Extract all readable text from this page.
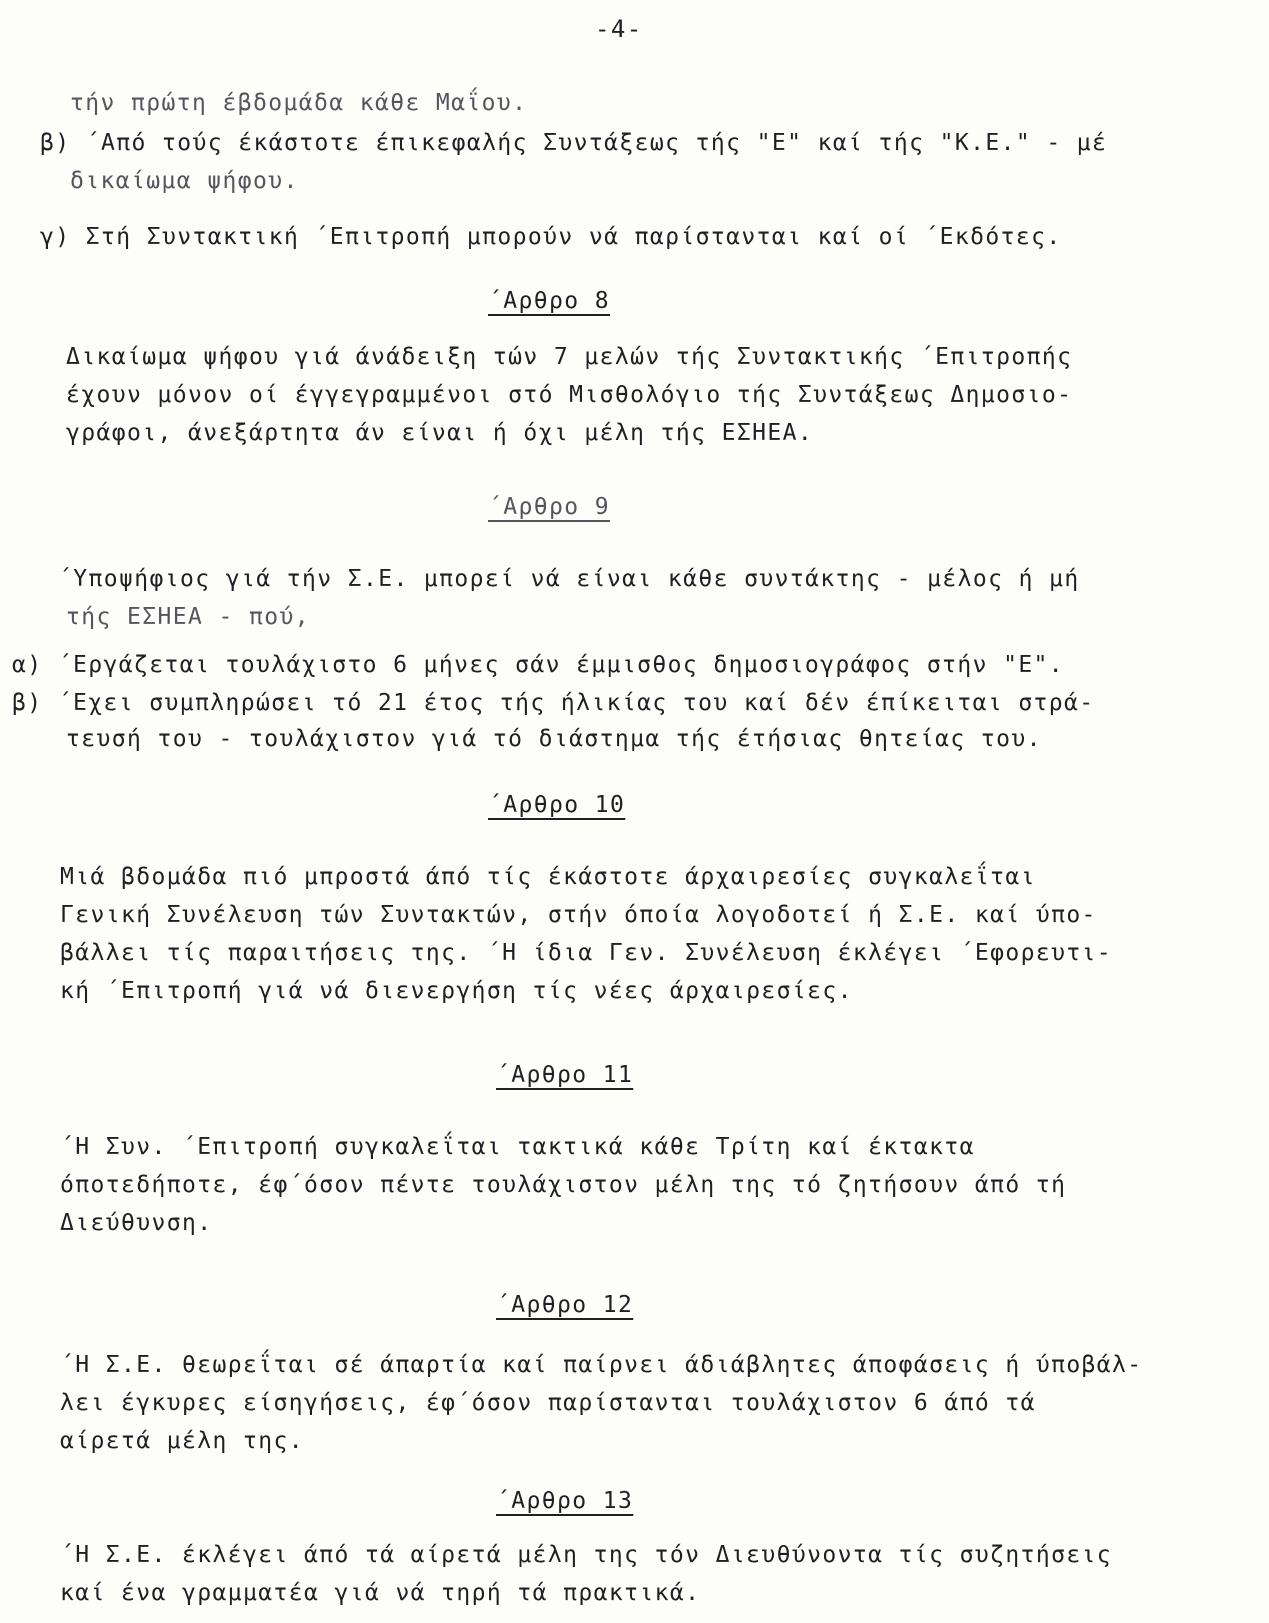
-4-
τήν πρώτη έβδομάδα κάθε Μαΐου.
β) ΄Από τούς έκάστοτε έπικεφαλής Συντάξεως τής "Ε" καί τής "Κ.Ε." - μέ
δικαίωμα ψήφου.
γ) Στή Συντακτική ΄Επιτροπή μπορούν νά παρίστανται καί οί ΄Εκδότες.
΄Αρθρο 8
Δικαίωμα ψήφου γιά άνάδειξη τών 7 μελών τής Συντακτικής ΄Επιτροπής
έχουν μόνον οί έγγεγραμμένοι στό Μισθολόγιο τής Συντάξεως Δημοσιο-
γράφοι, άνεξάρτητα άν είναι ή όχι μέλη τής ΕΣΗΕΑ.
΄Αρθρο 9
΄Υποψήφιος γιά τήν Σ.Ε. μπορεί νά είναι κάθε συντάκτης - μέλος ή μή
τής ΕΣΗΕΑ - πού,
α) ΄Εργάζεται τουλάχιστο 6 μήνες σάν έμμισθος δημοσιογράφος στήν "Ε".
β) ΄Εχει συμπληρώσει τό 21 έτος τής ήλικίας του καί δέν έπίκειται στρά-
τευσή του - τουλάχιστον γιά τό διάστημα τής έτήσιας θητείας του.
΄Αρθρο 10
Μιά βδομάδα πιό μπροστά άπό τίς έκάστοτε άρχαιρεσίες συγκαλεΐται
Γενική Συνέλευση τών Συντακτών, στήν όποία λογοδοτεί ή Σ.Ε. καί ύπο-
βάλλει τίς παραιτήσεις της. ΄Η ίδια Γεν. Συνέλευση έκλέγει ΄Εφορευτι-
κή ΄Επιτροπή γιά νά διενεργήση τίς νέες άρχαιρεσίες.
΄Αρθρο 11
΄Η Συν. ΄Επιτροπή συγκαλεΐται τακτικά κάθε Τρίτη καί έκτακτα
όποτεδήποτε, έφ΄όσον πέντε τουλάχιστον μέλη της τό ζητήσουν άπό τή
Διεύθυνση.
΄Αρθρο 12
΄Η Σ.Ε. θεωρεΐται σέ άπαρτία καί παίρνει άδιάβλητες άποφάσεις ή ύποβάλ-
λει έγκυρες είσηγήσεις, έφ΄όσον παρίστανται τουλάχιστον 6 άπό τά
αίρετά μέλη της.
΄Αρθρο 13
΄Η Σ.Ε. έκλέγει άπό τά αίρετά μέλη της τόν Διευθύνοντα τίς συζητήσεις
καί ένα γραμματέα γιά νά τηρή τά πρακτικά.
